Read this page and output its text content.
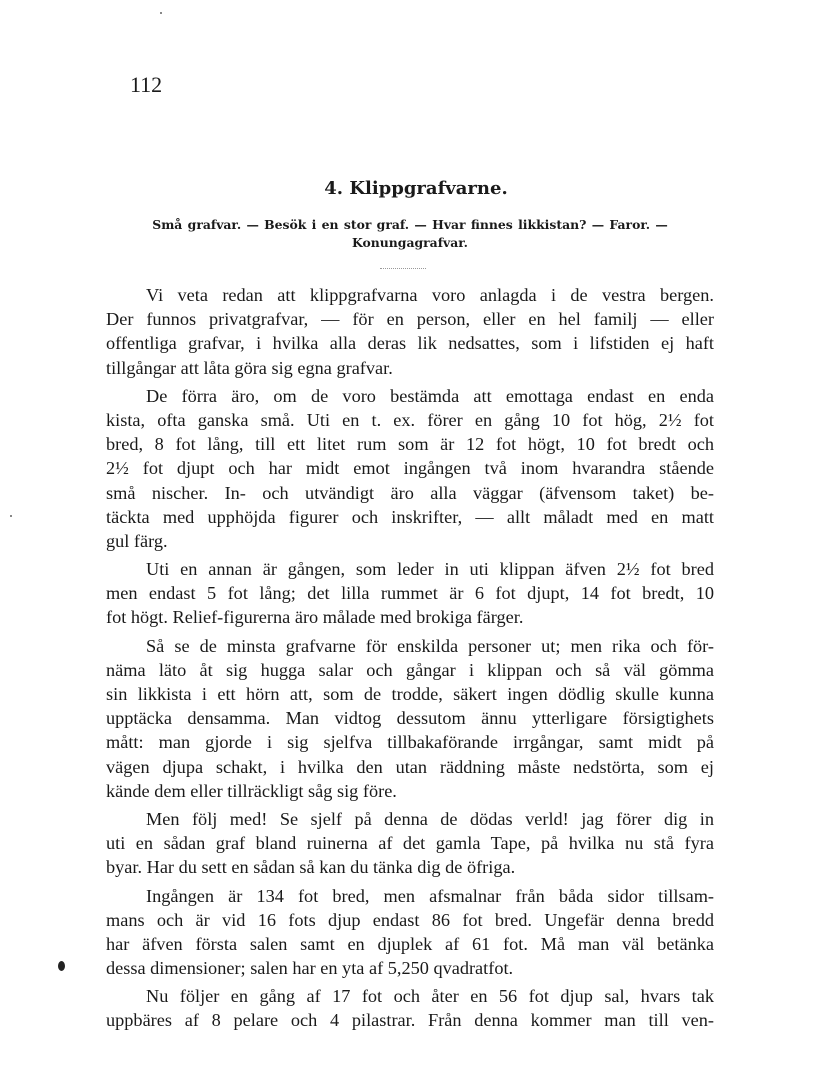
112
4. Klippgrafvarne.
Små grafvar. — Besök i en stor graf. — Hvar finnes likkistan? — Faror. — Konungagrafvar.
Vi veta redan att klippgrafvarna voro anlagda i de vestra bergen.
Der funnos privatgrafvar, — för en person, eller en hel familj — eller
offentliga grafvar, i hvilka alla deras lik nedsattes, som i lifstiden ej haft
tillgångar att låta göra sig egna grafvar.
De förra äro, om de voro bestämda att emottaga endast en enda
kista, ofta ganska små. Uti en t. ex. förer en gång 10 fot hög, 2½ fot
bred, 8 fot lång, till ett litet rum som är 12 fot högt, 10 fot bredt och
2½ fot djupt och har midt emot ingången två inom hvarandra stående
små nischer. In- och utvändigt äro alla väggar (äfvensom taket) be-
täckta med upphöjda figurer och inskrifter, — allt måladt med en matt
gul färg.
Uti en annan är gången, som leder in uti klippan äfven 2½ fot bred
men endast 5 fot lång; det lilla rummet är 6 fot djupt, 14 fot bredt, 10
fot högt. Relief-figurerna äro målade med brokiga färger.
Så se de minsta grafvarne för enskilda personer ut; men rika och för-
näma läto åt sig hugga salar och gångar i klippan och så väl gömma
sin likkista i ett hörn att, som de trodde, säkert ingen dödlig skulle kunna
upptäcka densamma. Man vidtog dessutom ännu ytterligare försigtighets
mått: man gjorde i sig sjelfva tillbakaförande irrgångar, samt midt på
vägen djupa schakt, i hvilka den utan räddning måste nedstörta, som ej
kände dem eller tillräckligt såg sig före.
Men följ med! Se sjelf på denna de dödas verld! jag förer dig in
uti en sådan graf bland ruinerna af det gamla Tape, på hvilka nu stå fyra
byar. Har du sett en sådan så kan du tänka dig de öfriga.
Ingången är 134 fot bred, men afsmalnar från båda sidor tillsam-
mans och är vid 16 fots djup endast 86 fot bred. Ungefär denna bredd
har äfven första salen samt en djuplek af 61 fot. Må man väl betänka
dessa dimensioner; salen har en yta af 5,250 qvadratfot.
Nu följer en gång af 17 fot och åter en 56 fot djup sal, hvars tak
uppbäres af 8 pelare och 4 pilastrar. Från denna kommer man till ven-
